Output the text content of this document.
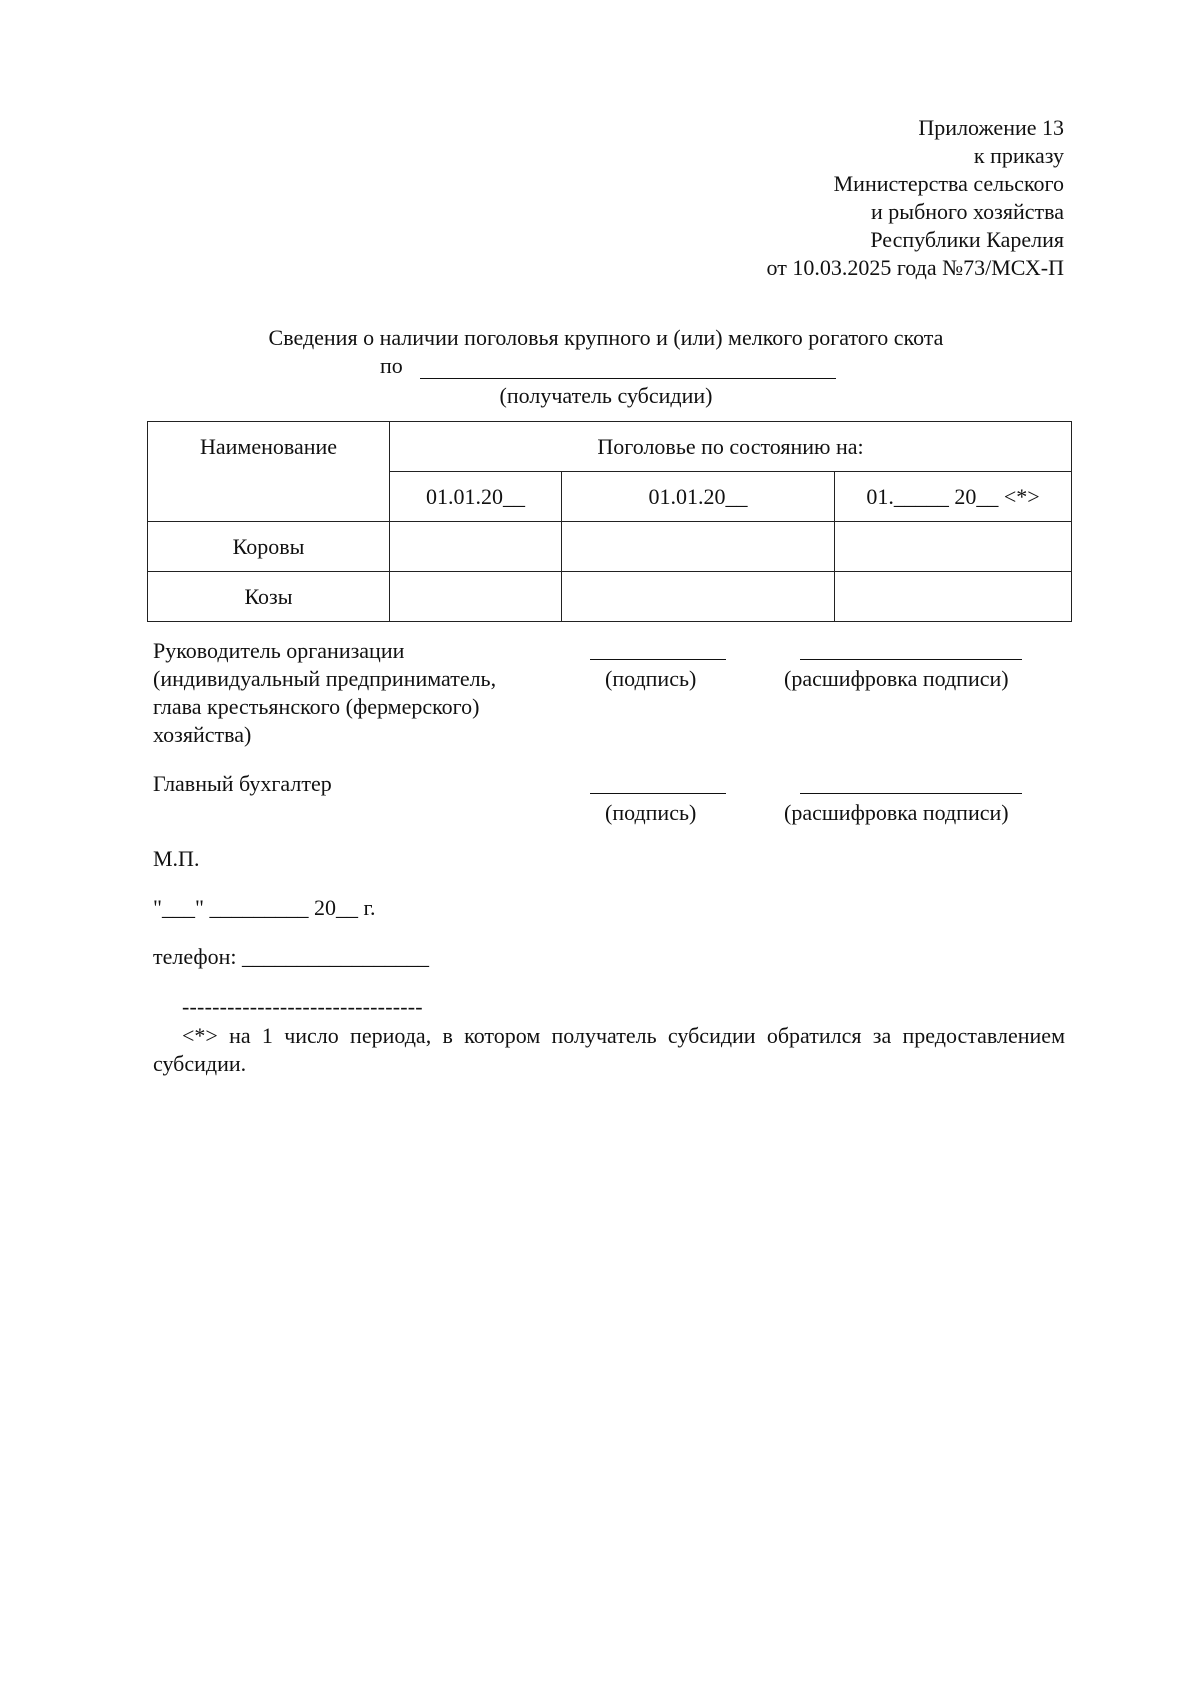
Приложение 13
к приказу
Министерства сельского
и рыбного хозяйства
Республики Карелия
от 10.03.2025 года №73/МСХ-П
Сведения о наличии поголовья крупного и (или) мелкого рогатого скота
по
(получатель субсидии)
Наименование	Поголовье по состоянию на:		
	01.01.20__	01.01.20__	01._____ 20__ <*>
Коровы			
Козы			
Руководитель организации
(индивидуальный предприниматель,
глава крестьянского (фермерского)
хозяйства)
(подпись)	(расшифровка подписи)
Главный бухгалтер
(подпись)	(расшифровка подписи)
М.П.
"___" _________ 20__ г.
телефон: _________________
--------------------------------
<*> на 1 число периода, в котором получатель субсидии обратился за предоставлением субсидии.
